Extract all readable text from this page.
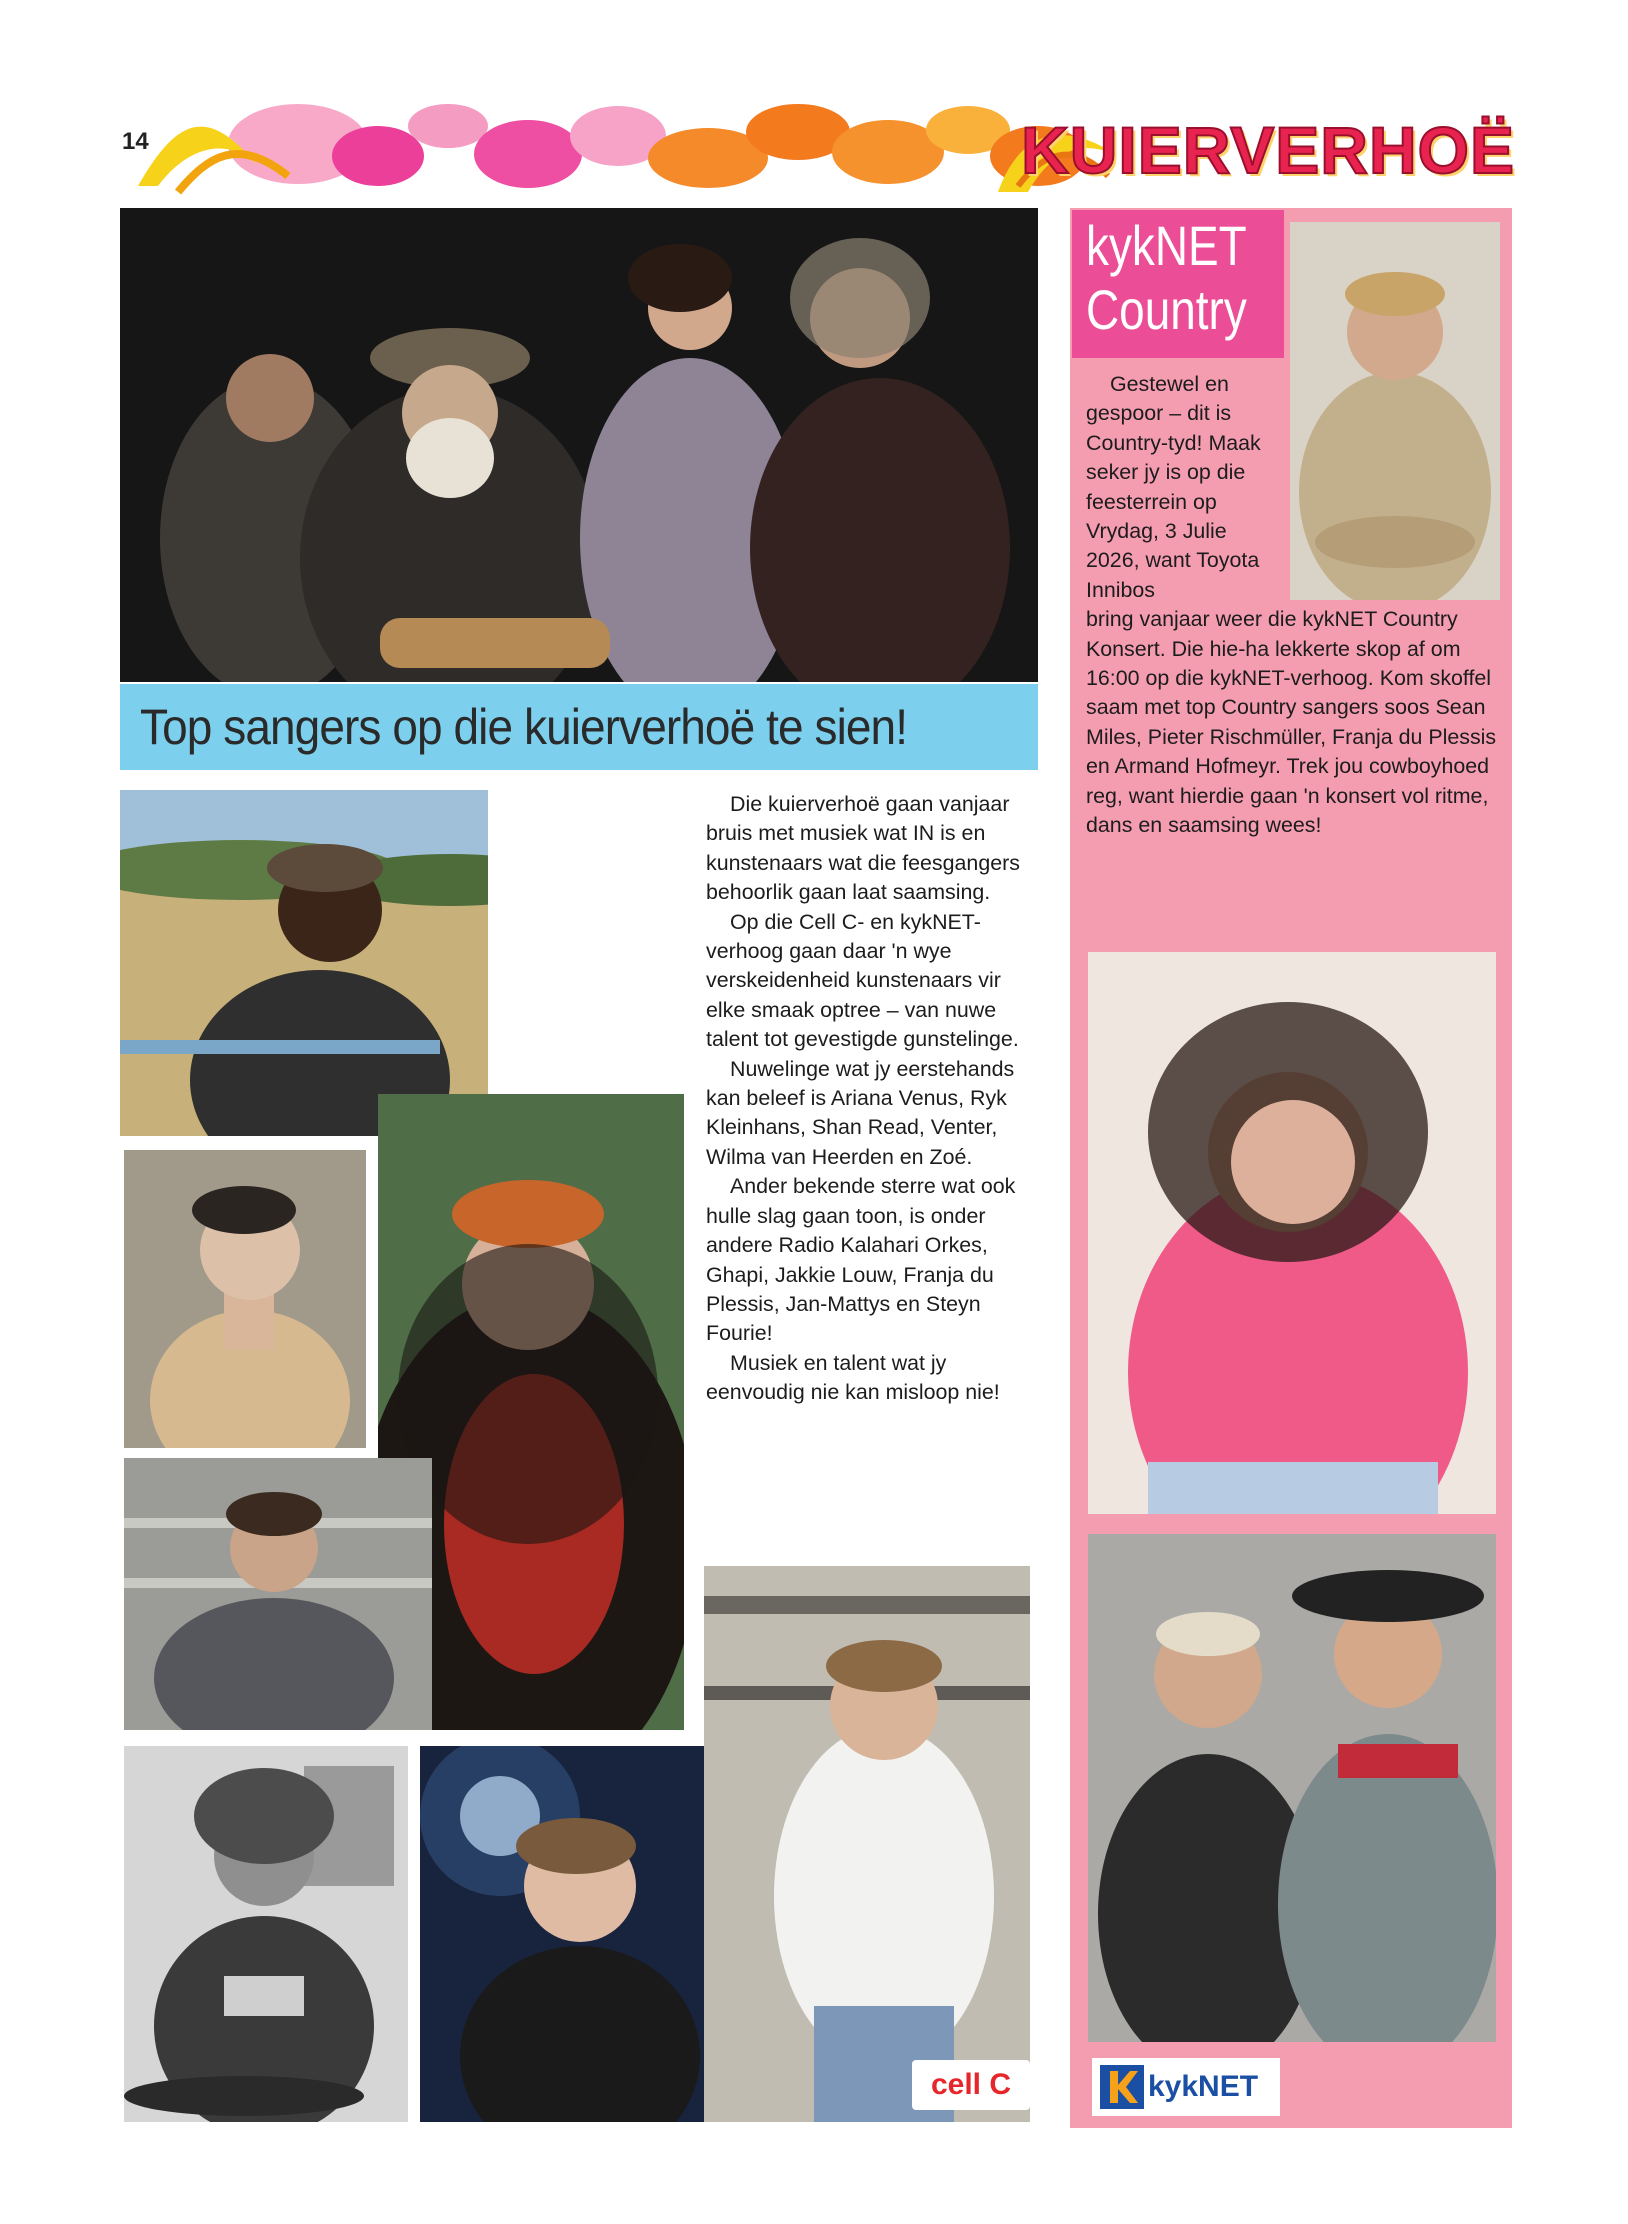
14	KUIERVERHOË
Top sangers op die kuierverhoë te sien!

Die kuierverhoë gaan vanjaar bruis met musiek wat IN is en kunstenaars wat die feesgangers behoorlik gaan laat saamsing.

Op die Cell C- en kykNET-verhoog gaan daar 'n wye verskeidenheid kunstenaars vir elke smaak optree – van nuwe talent tot gevestigde gunstelinge.

Nuwelinge wat jy eerstehands kan beleef is Ariana Venus, Ryk Kleinhans, Shan Read, Venter, Wilma van Heerden en Zoé.

Ander bekende sterre wat ook hulle slag gaan toon, is onder andere Radio Kalahari Orkes, Ghapi, Jakkie Louw, Franja du Plessis, Jan-Mattys en Steyn Fourie!

Musiek en talent wat jy eenvoudig nie kan misloop nie!

cell C
kykNET
Country

Gestewel en gespoor – dit is Country-tyd! Maak seker jy is op die feesterrein op Vrydag, 3 Julie 2026, want Toyota Innibos

bring vanjaar weer die kykNET Country Konsert. Die hie-ha lekkerte skop af om 16:00 op die kykNET-verhoog. Kom skoffel saam met top Country sangers soos Sean Miles, Pieter Rischmüller, Franja du Plessis en Armand Hofmeyr. Trek jou cowboyhoed reg, want hierdie gaan 'n konsert vol ritme, dans en saamsing wees!

kykNET
